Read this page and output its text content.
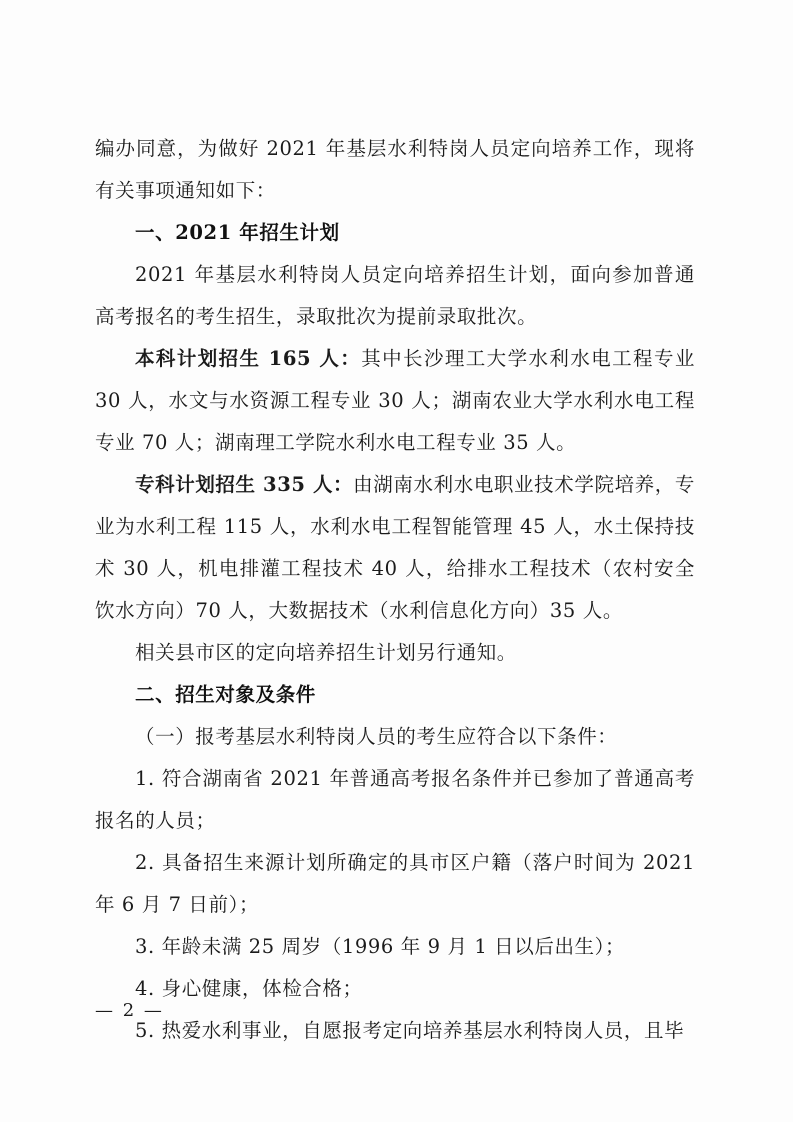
编办同意，为做好 2021 年基层水利特岗人员定向培养工作，现将有关事项通知如下：

一、2021 年招生计划

2021 年基层水利特岗人员定向培养招生计划，面向参加普通高考报名的考生招生，录取批次为提前录取批次。

本科计划招生 165 人：其中长沙理工大学水利水电工程专业 30 人，水文与水资源工程专业 30 人；湖南农业大学水利水电工程专业 70 人；湖南理工学院水利水电工程专业 35 人。

专科计划招生 335 人：由湖南水利水电职业技术学院培养，专业为水利工程 115 人，水利水电工程智能管理 45 人，水土保持技术 30 人，机电排灌工程技术 40 人，给排水工程技术（农村安全饮水方向）70 人，大数据技术（水利信息化方向）35 人。

相关县市区的定向培养招生计划另行通知。

二、招生对象及条件

（一）报考基层水利特岗人员的考生应符合以下条件：

1. 符合湖南省 2021 年普通高考报名条件并已参加了普通高考报名的人员；

2. 具备招生来源计划所确定的具市区户籍（落户时间为 2021 年 6 月 7 日前）；

3. 年龄未满 25 周岁（1996 年 9 月 1 日以后出生）；

4. 身心健康，体检合格；

5. 热爱水利事业，自愿报考定向培养基层水利特岗人员，且毕

— 2 —
